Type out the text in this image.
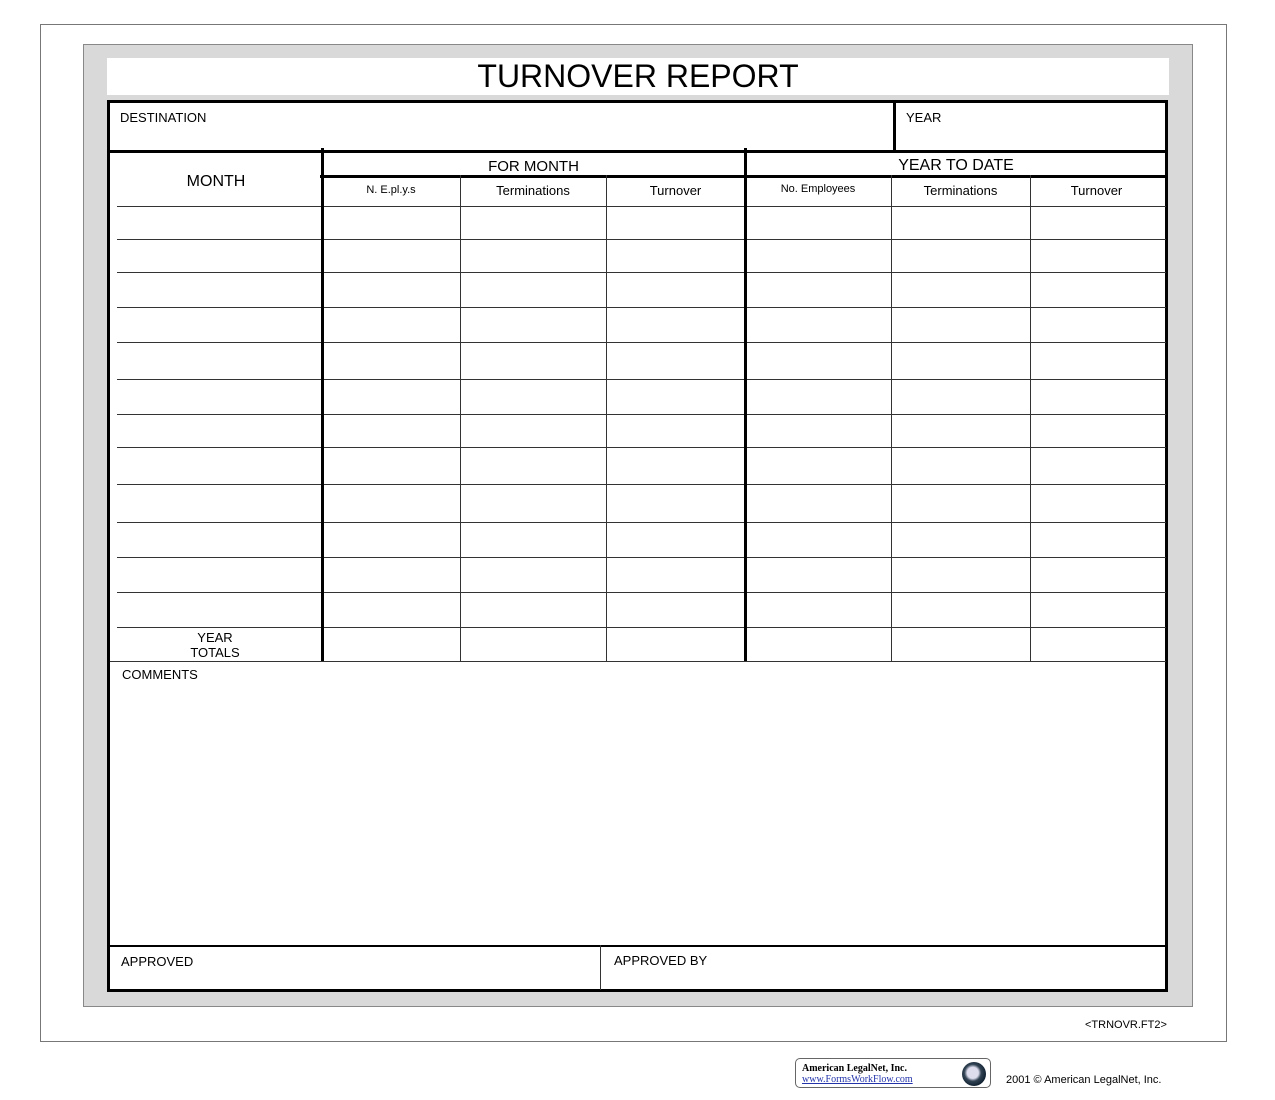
TURNOVER REPORT
DESTINATION	YEAR
MONTH
FOR MONTH	YEAR TO DATE
N. E.pl.y.s	Terminations	Turnover	No. Employees	Terminations	Turnover
YEAR
TOTALS
COMMENTS
APPROVED	APPROVED BY
<TRNOVR.FT2>
American LegalNet, Inc.
www.FormsWorkFlow.com	2001 © American LegalNet, Inc.
